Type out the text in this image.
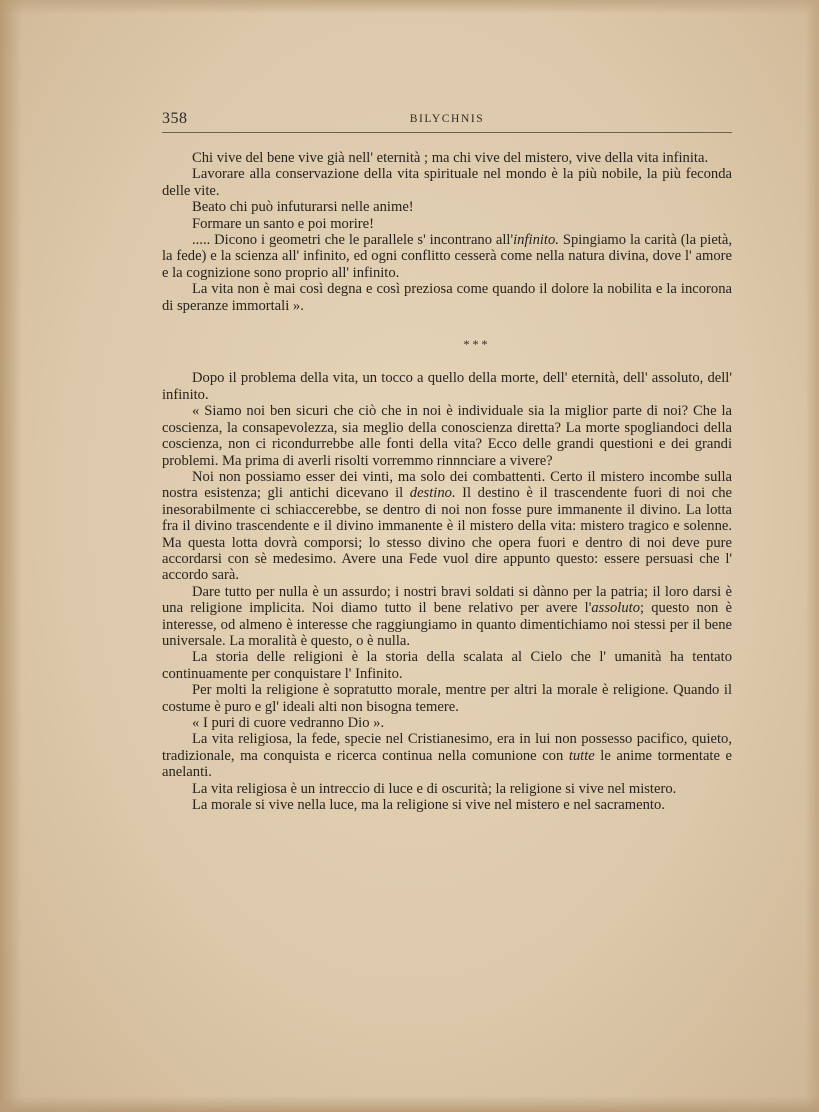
358	BILYCHNIS

Chi vive del bene vive già nell' eternità ; ma chi vive del mistero, vive della vita infinita.

Lavorare alla conservazione della vita spirituale nel mondo è la più nobile, la più feconda delle vite.

Beato chi può infuturarsi nelle anime!

Formare un santo e poi morire!

..... Dicono i geometri che le parallele s' incontrano all'infinito. Spingiamo la carità (la pietà, la fede) e la scienza all' infinito, ed ogni conflitto cesserà come nella natura divina, dove l' amore e la cognizione sono proprio all' infinito.

La vita non è mai così degna e così preziosa come quando il dolore la nobilita e la incorona di speranze immortali ».

***

Dopo il problema della vita, un tocco a quello della morte, dell' eternità, dell' assoluto, dell' infinito.

« Siamo noi ben sicuri che ciò che in noi è individuale sia la miglior parte di noi? Che la coscienza, la consapevolezza, sia meglio della conoscienza diretta? La morte spogliandoci della coscienza, non ci ricondurrebbe alle fonti della vita? Ecco delle grandi questioni e dei grandi problemi. Ma prima di averli risolti vorremmo rinnnciare a vivere?

Noi non possiamo esser dei vinti, ma solo dei combattenti. Certo il mistero incombe sulla nostra esistenza; gli antichi dicevano il destino. Il destino è il trascendente fuori di noi che inesorabilmente ci schiaccerebbe, se dentro di noi non fosse pure immanente il divino. La lotta fra il divino trascendente e il divino immanente è il mistero della vita: mistero tragico e solenne. Ma questa lotta dovrà comporsi; lo stesso divino che opera fuori e dentro di noi deve pure accordarsi con sè medesimo. Avere una Fede vuol dire appunto questo: essere persuasi che l' accordo sarà.

Dare tutto per nulla è un assurdo; i nostri bravi soldati si dànno per la patria; il loro darsi è una religione implicita. Noi diamo tutto il bene relativo per avere l'assoluto; questo non è interesse, od almeno è interesse che raggiungiamo in quanto dimentichiamo noi stessi per il bene universale. La moralità è questo, o è nulla.

La storia delle religioni è la storia della scalata al Cielo che l' umanità ha tentato continuamente per conquistare l' Infinito.

Per molti la religione è sopratutto morale, mentre per altri la morale è religione. Quando il costume è puro e gl' ideali alti non bisogna temere.

« I puri di cuore vedranno Dio ».

La vita religiosa, la fede, specie nel Cristianesimo, era in lui non possesso pacifico, quieto, tradizionale, ma conquista e ricerca continua nella comunione con tutte le anime tormentate e anelanti.

La vita religiosa è un intreccio di luce e di oscurità; la religione si vive nel mistero.

La morale si vive nella luce, ma la religione si vive nel mistero e nel sacramento.
